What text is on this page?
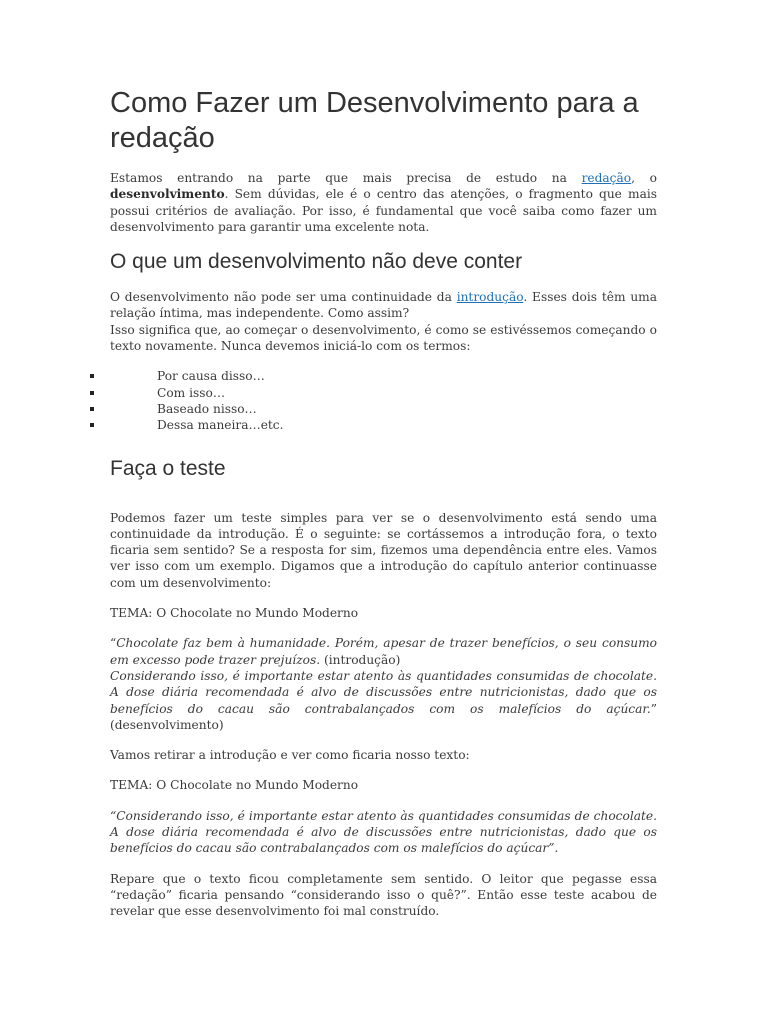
Como Fazer um Desenvolvimento para a redação

Estamos entrando na parte que mais precisa de estudo na redação, o desenvolvimento. Sem dúvidas, ele é o centro das atenções, o fragmento que mais possui critérios de avaliação. Por isso, é fundamental que você saiba como fazer um desenvolvimento para garantir uma excelente nota.

O que um desenvolvimento não deve conter

O desenvolvimento não pode ser uma continuidade da introdução. Esses dois têm uma relação íntima, mas independente. Como assim?

Isso significa que, ao começar o desenvolvimento, é como se estivéssemos começando o texto novamente. Nunca devemos iniciá-lo com os termos:

Por causa disso…
Com isso…
Baseado nisso…
Dessa maneira…etc.
Faça o teste

Podemos fazer um teste simples para ver se o desenvolvimento está sendo uma continuidade da introdução. É o seguinte: se cortássemos a introdução fora, o texto ficaria sem sentido? Se a resposta for sim, fizemos uma dependência entre eles. Vamos ver isso com um exemplo. Digamos que a introdução do capítulo anterior continuasse com um desenvolvimento:

TEMA: O Chocolate no Mundo Moderno

“Chocolate faz bem à humanidade. Porém, apesar de trazer benefícios, o seu consumo em excesso pode trazer prejuízos. (introdução)
Considerando isso, é importante estar atento às quantidades consumidas de chocolate. A dose diária recomendada é alvo de discussões entre nutricionistas, dado que os benefícios do cacau são contrabalançados com os malefícios do açúcar.” (desenvolvimento)

Vamos retirar a introdução e ver como ficaria nosso texto:

TEMA: O Chocolate no Mundo Moderno

“Considerando isso, é importante estar atento às quantidades consumidas de chocolate. A dose diária recomendada é alvo de discussões entre nutricionistas, dado que os benefícios do cacau são contrabalançados com os malefícios do açúcar”.

Repare que o texto ficou completamente sem sentido. O leitor que pegasse essa “redação” ficaria pensando “considerando isso o quê?”. Então esse teste acabou de revelar que esse desenvolvimento foi mal construído.
